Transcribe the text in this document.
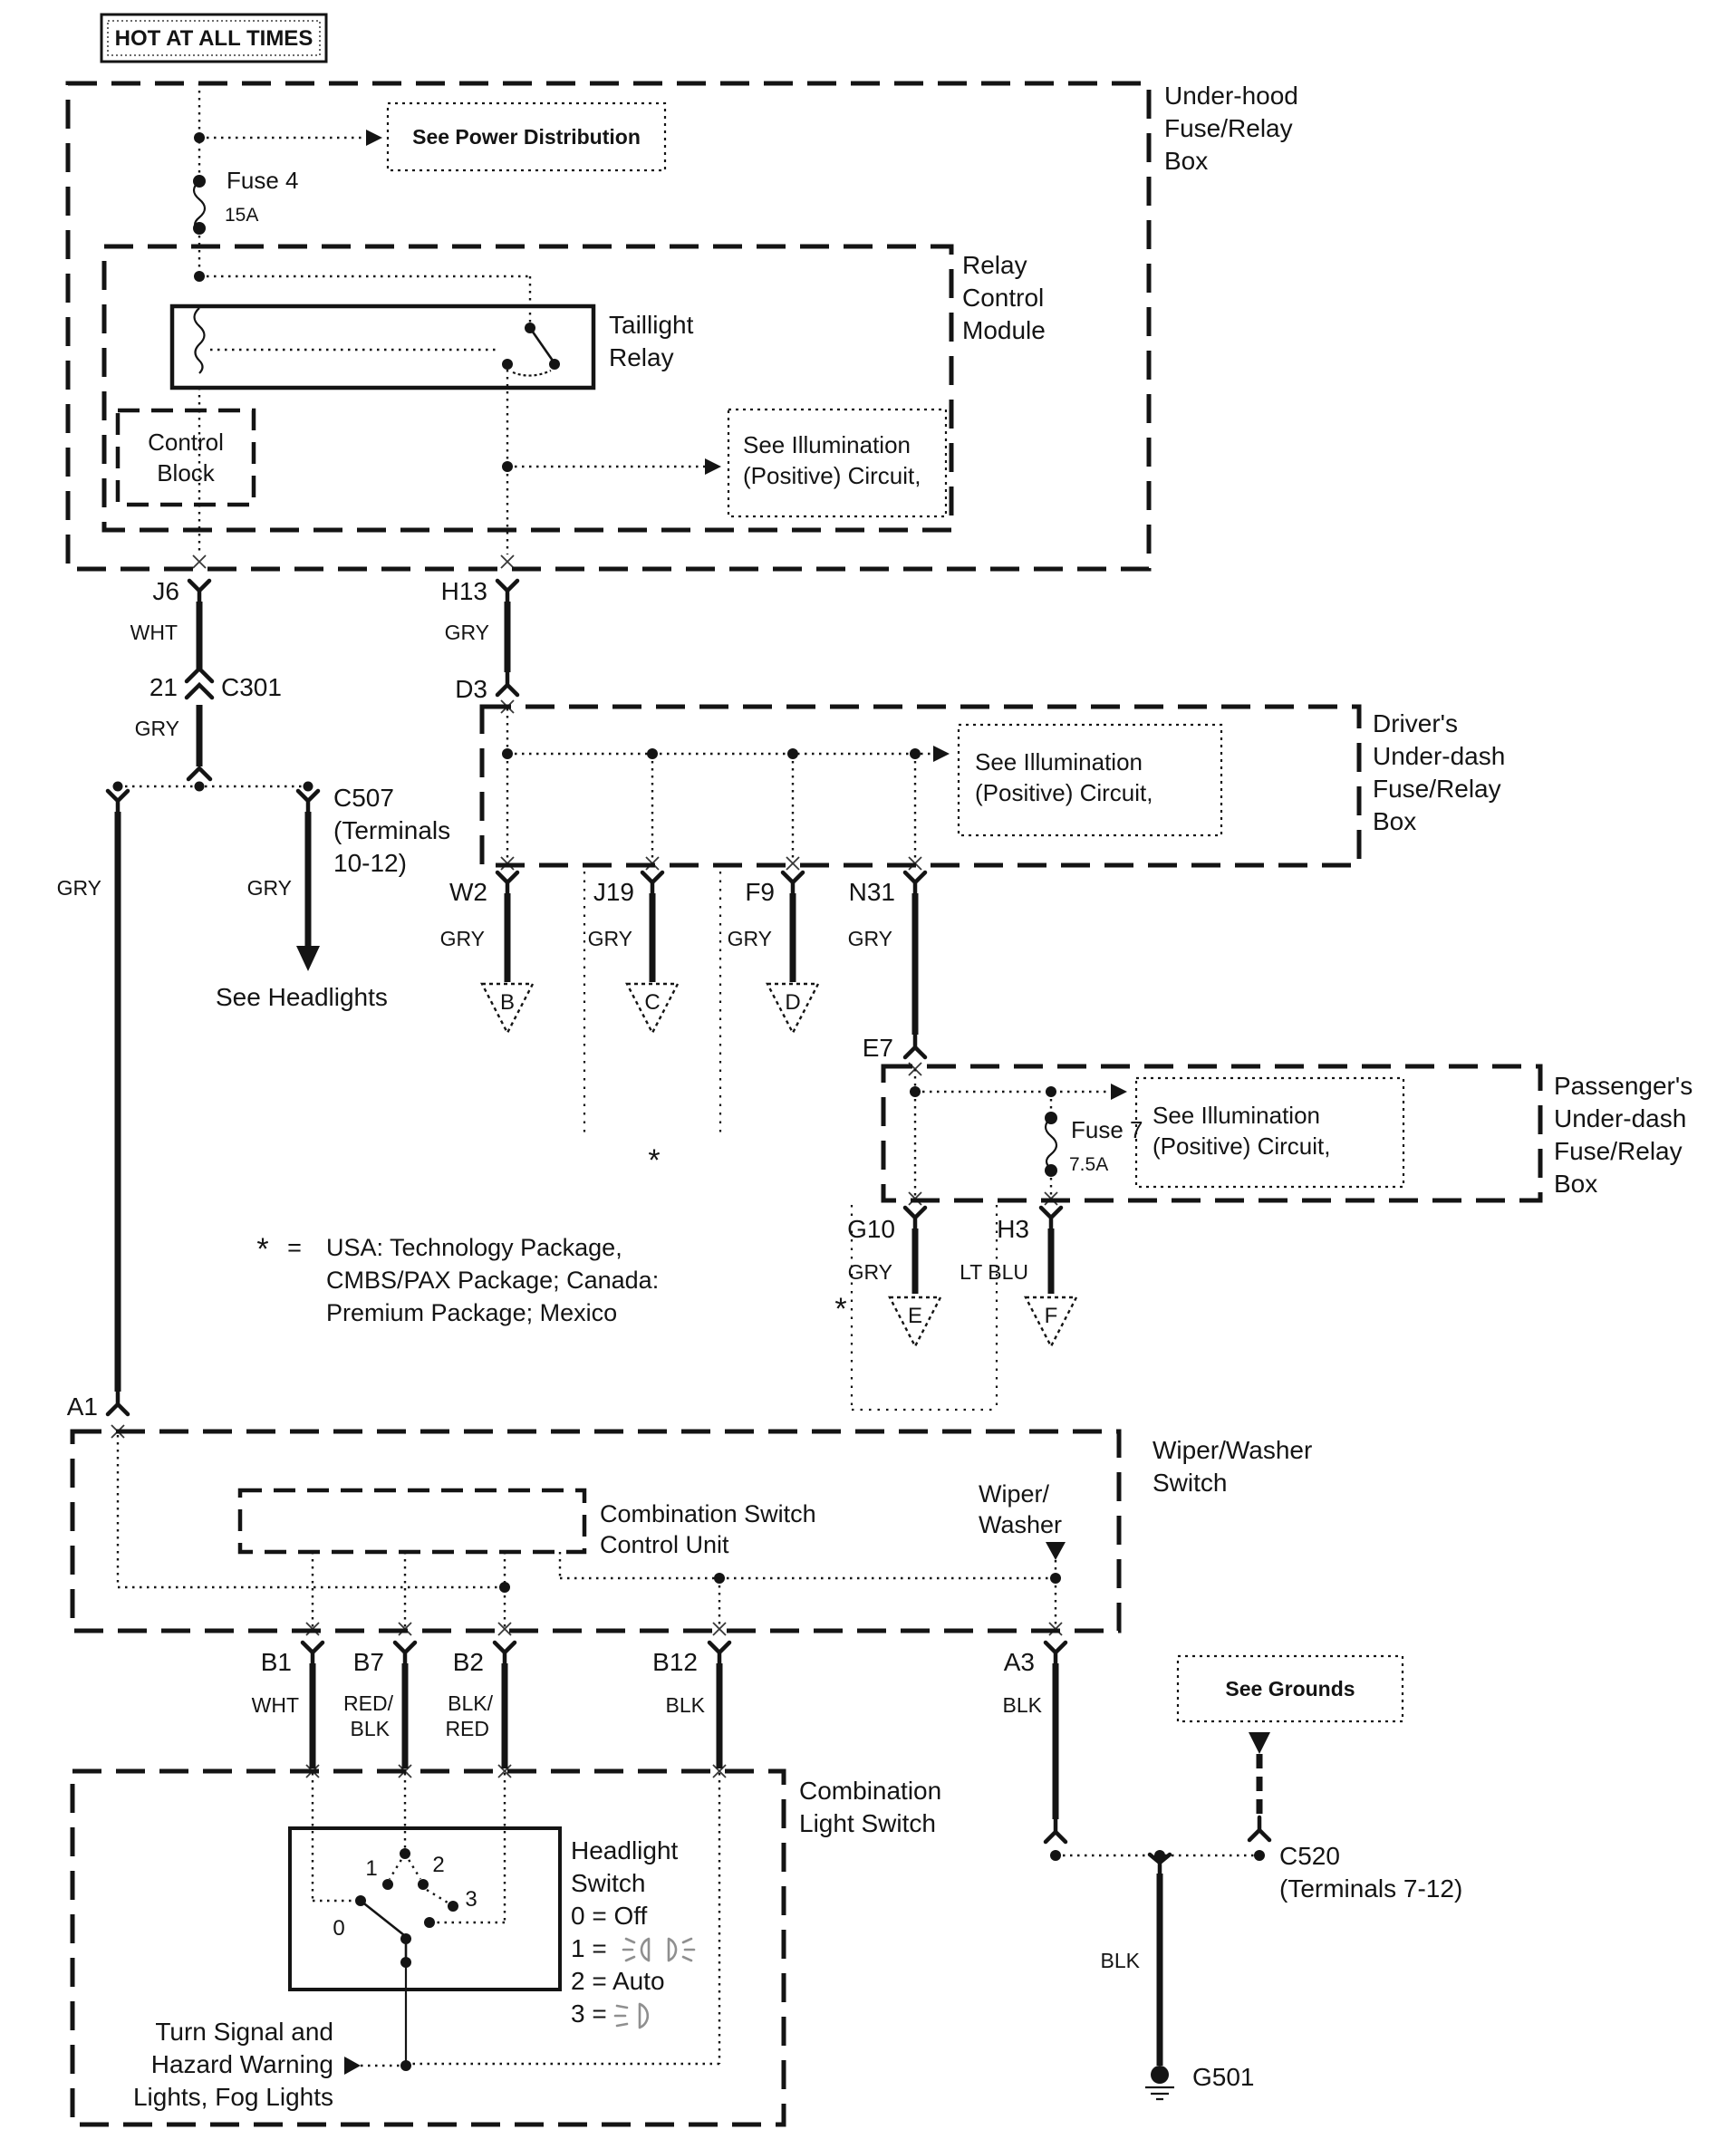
HOT AT ALL TIMES
Under-hood
Fuse/Relay
Box
See Power Distribution
Fuse 4
15A
Relay
Control
Module
Taillight
Relay
See Illumination
(Positive) Circuit,
Control
Block
J6
WHT
21 C301
GRY
GRY
A1
GRY
C507
(Terminals
10-12)
See Headlights
H13
GRY
D3
Driver's
Under-dash
Fuse/Relay
Box
See Illumination
(Positive) Circuit,
W2
GRY
B
J19
GRY
C
*
F9
GRY
D
N31
GRY
E7
Passenger's
Under-dash
Fuse/Relay
Box
Fuse 7
7.5A
See Illumination
(Positive) Circuit,
G10
GRY
E
*
H3
LT BLU
F
* = USA: Technology Package,
CMBS/PAX Package; Canada:
Premium Package; Mexico
Wiper/Washer
Switch
Combination Switch
Control Unit
Wiper/
Washer
B1
WHT
B7
RED/
BLK
B2
BLK/
RED
B12
BLK
A3
BLK
See Grounds
C520
(Terminals 7-12)
BLK
G501
Combination
Light Switch
1	2
3
0
Headlight
Switch
0 = Off
1 =
2 = Auto
3 =
Turn Signal and
Hazard Warning
Lights, Fog Lights
